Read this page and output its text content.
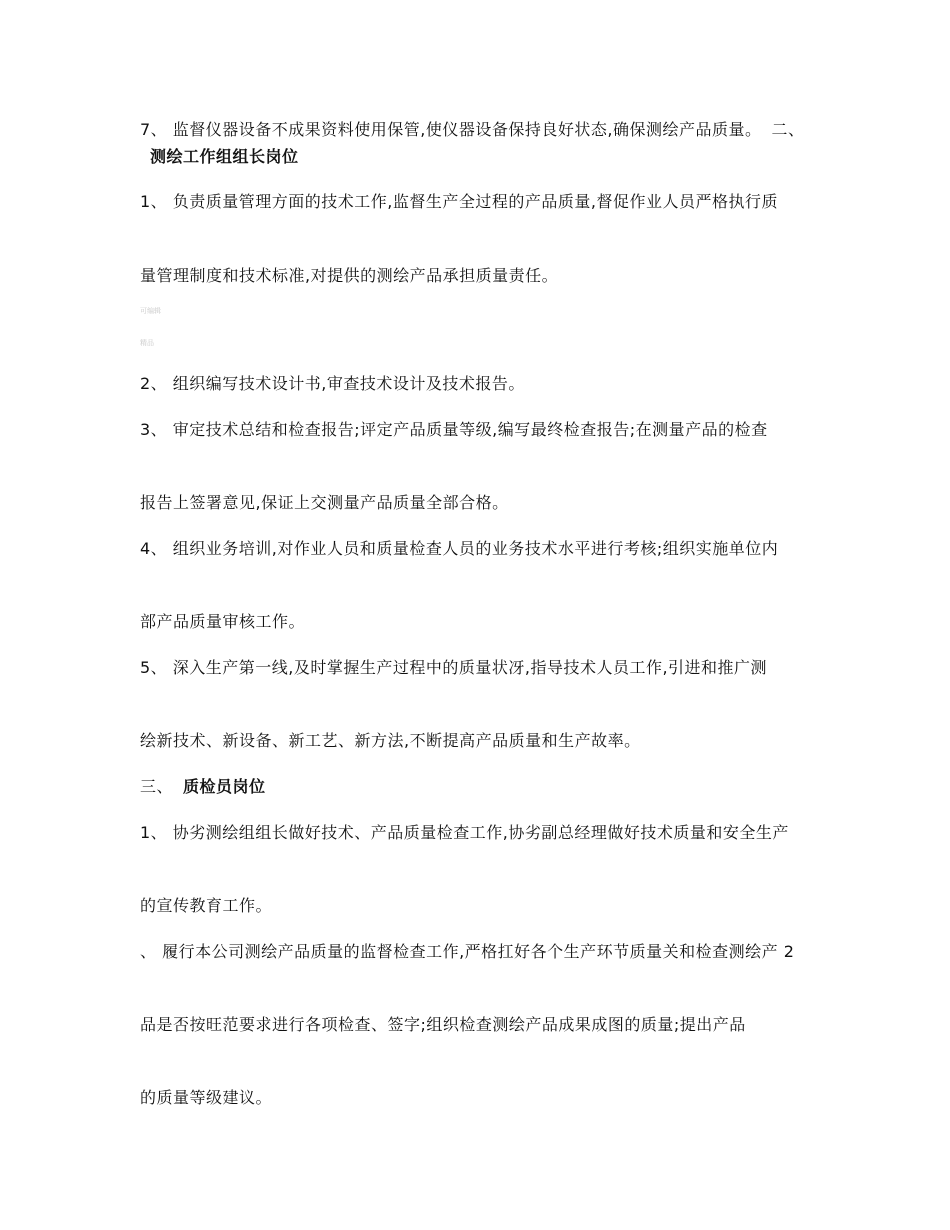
7、 监督仪器设备不成果资料使用保管,使仪器设备保持良好状态,确保测绘产品质量。 二、测绘工作组组长岗位

1、 负责质量管理方面的技术工作,监督生产全过程的产品质量,督促作业人员严格执行质

量管理制度和技术标准,对提供的测绘产品承担质量责任。

可编辑
精品

2、 组织编写技术设计书,审查技术设计及技术报告。

3、 审定技术总结和检查报告;评定产品质量等级,编写最终检查报告;在测量产品的检查

报告上签署意见,保证上交测量产品质量全部合格。

4、 组织业务培训,对作业人员和质量检查人员的业务技术水平进行考核;组织实施单位内

部产品质量审核工作。

5、 深入生产第一线,及时掌握生产过程中的质量状冴,指导技术人员工作,引进和推广测

绘新技术、新设备、新工艺、新方法,不断提高产品质量和生产故率。

三、 质检员岗位

1、 协劣测绘组组长做好技术、产品质量检查工作,协劣副总经理做好技术质量和安全生产

的宣传教育工作。

、 履行本公司测绘产品质量的监督检查工作,严格扛好各个生产环节质量关和检查测绘产 2

品是否按旺范要求进行各项检查、签字;组织检查测绘产品成果成图的质量;提出产品

的质量等级建议。
